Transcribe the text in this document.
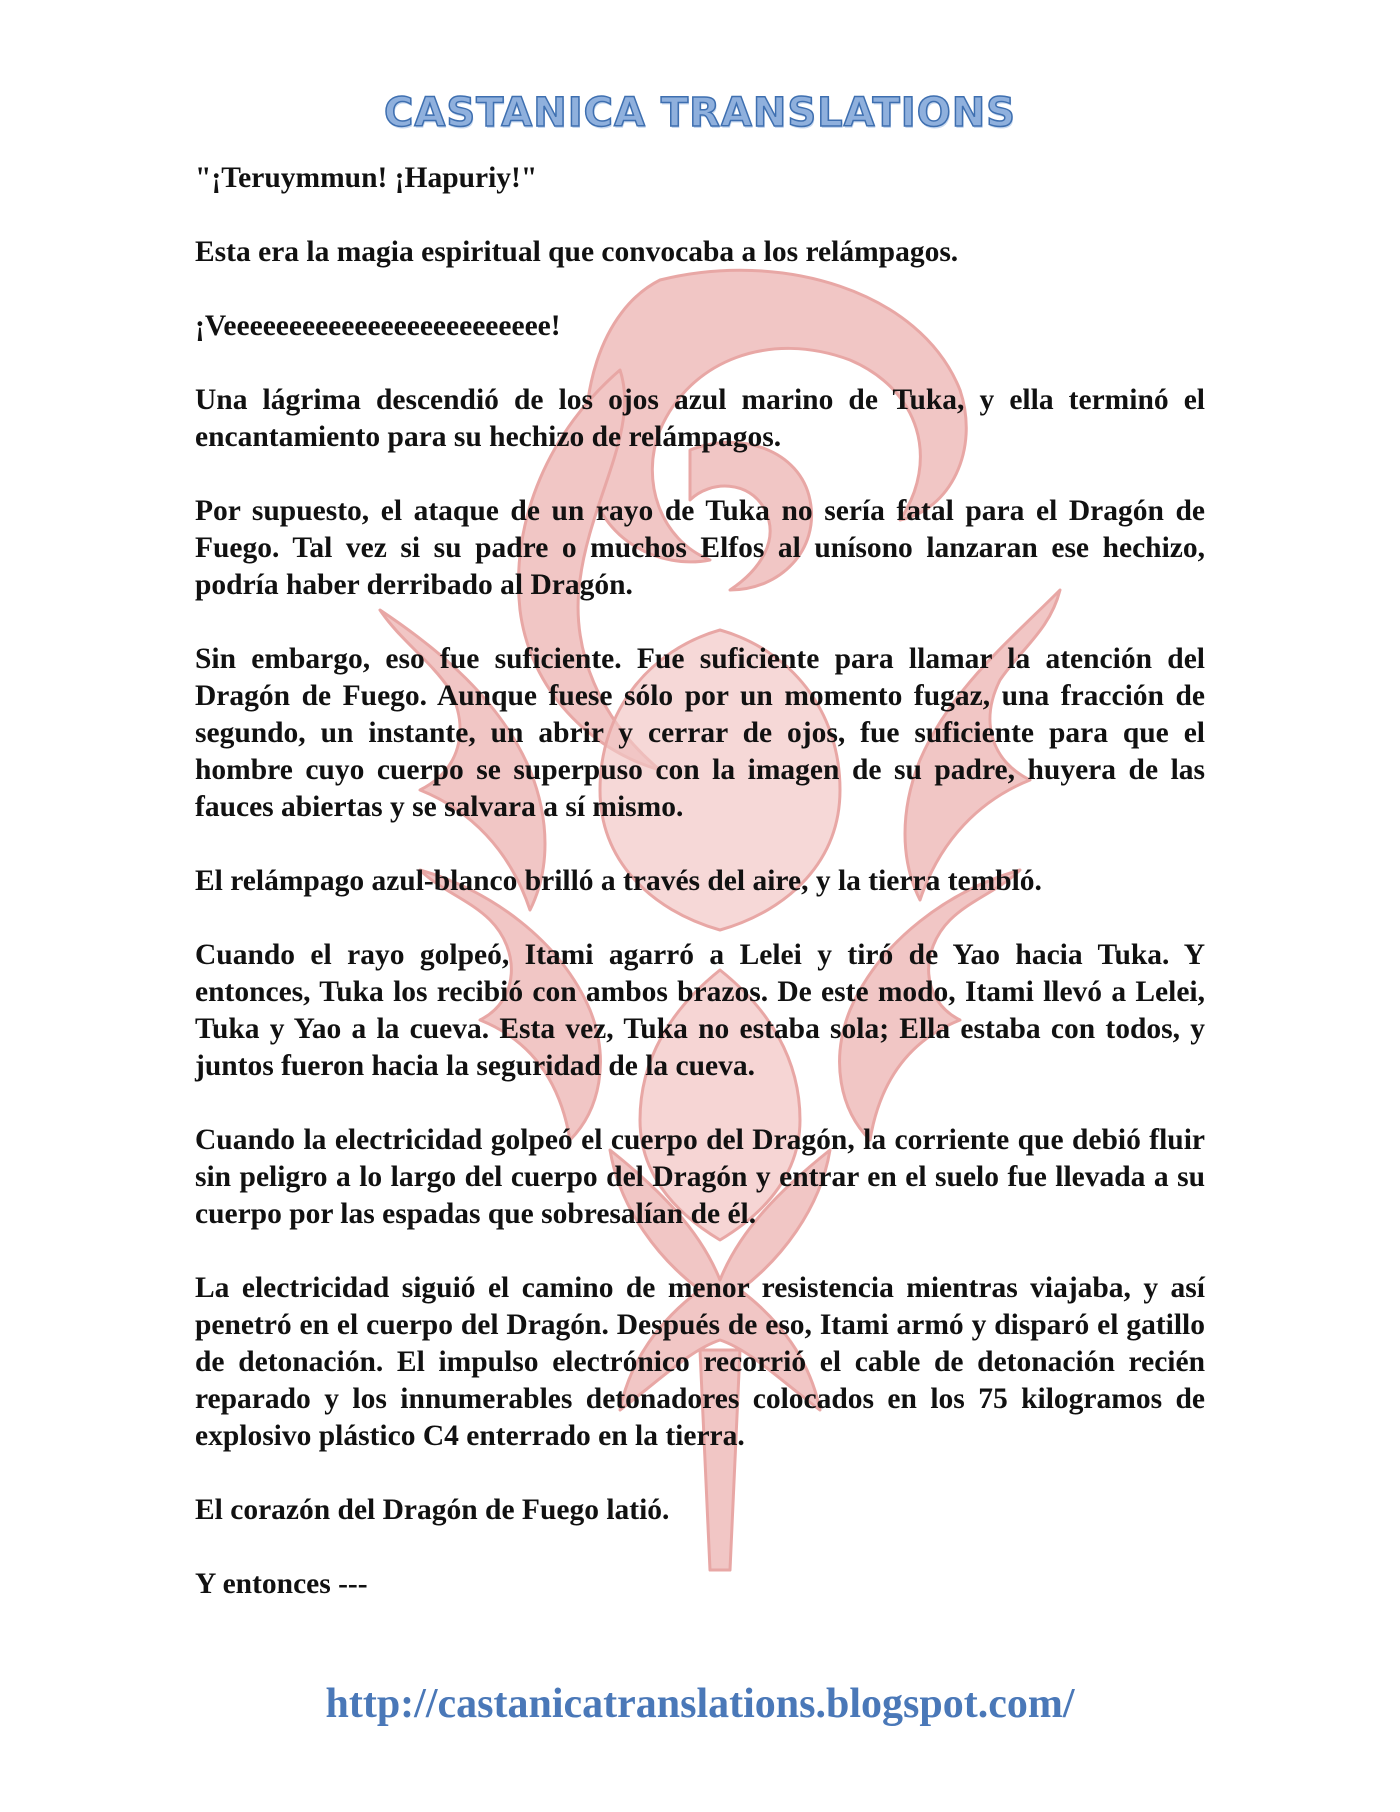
CASTANICA TRANSLATIONS

"¡Teruymmun! ¡Hapuriy!"

Esta era la magia espiritual que convocaba a los relámpagos.

¡Veeeeeeeeeeeeeeeeeeeeeeeee!

Una lágrima descendió de los ojos azul marino de Tuka, y ella terminó el encantamiento para su hechizo de relámpagos.

Por supuesto, el ataque de un rayo de Tuka no sería fatal para el Dragón de Fuego. Tal vez si su padre o muchos Elfos al unísono lanzaran ese hechizo, podría haber derribado al Dragón.

Sin embargo, eso fue suficiente. Fue suficiente para llamar la atención del Dragón de Fuego. Aunque fuese sólo por un momento fugaz, una fracción de segundo, un instante, un abrir y cerrar de ojos, fue suficiente para que el hombre cuyo cuerpo se superpuso con la imagen de su padre, huyera de las fauces abiertas y se salvara a sí mismo.

El relámpago azul-blanco brilló a través del aire, y la tierra tembló.

Cuando el rayo golpeó, Itami agarró a Lelei y tiró de Yao hacia Tuka. Y entonces, Tuka los recibió con ambos brazos. De este modo, Itami llevó a Lelei, Tuka y Yao a la cueva. Esta vez, Tuka no estaba sola; Ella estaba con todos, y juntos fueron hacia la seguridad de la cueva.

Cuando la electricidad golpeó el cuerpo del Dragón, la corriente que debió fluir sin peligro a lo largo del cuerpo del Dragón y entrar en el suelo fue llevada a su cuerpo por las espadas que sobresalían de él.

La electricidad siguió el camino de menor resistencia mientras viajaba, y así penetró en el cuerpo del Dragón. Después de eso, Itami armó y disparó el gatillo de detonación. El impulso electrónico recorrió el cable de detonación recién reparado y los innumerables detonadores colocados en los 75 kilogramos de explosivo plástico C4 enterrado en la tierra.

El corazón del Dragón de Fuego latió.

Y entonces ---

http://castanicatranslations.blogspot.com/
